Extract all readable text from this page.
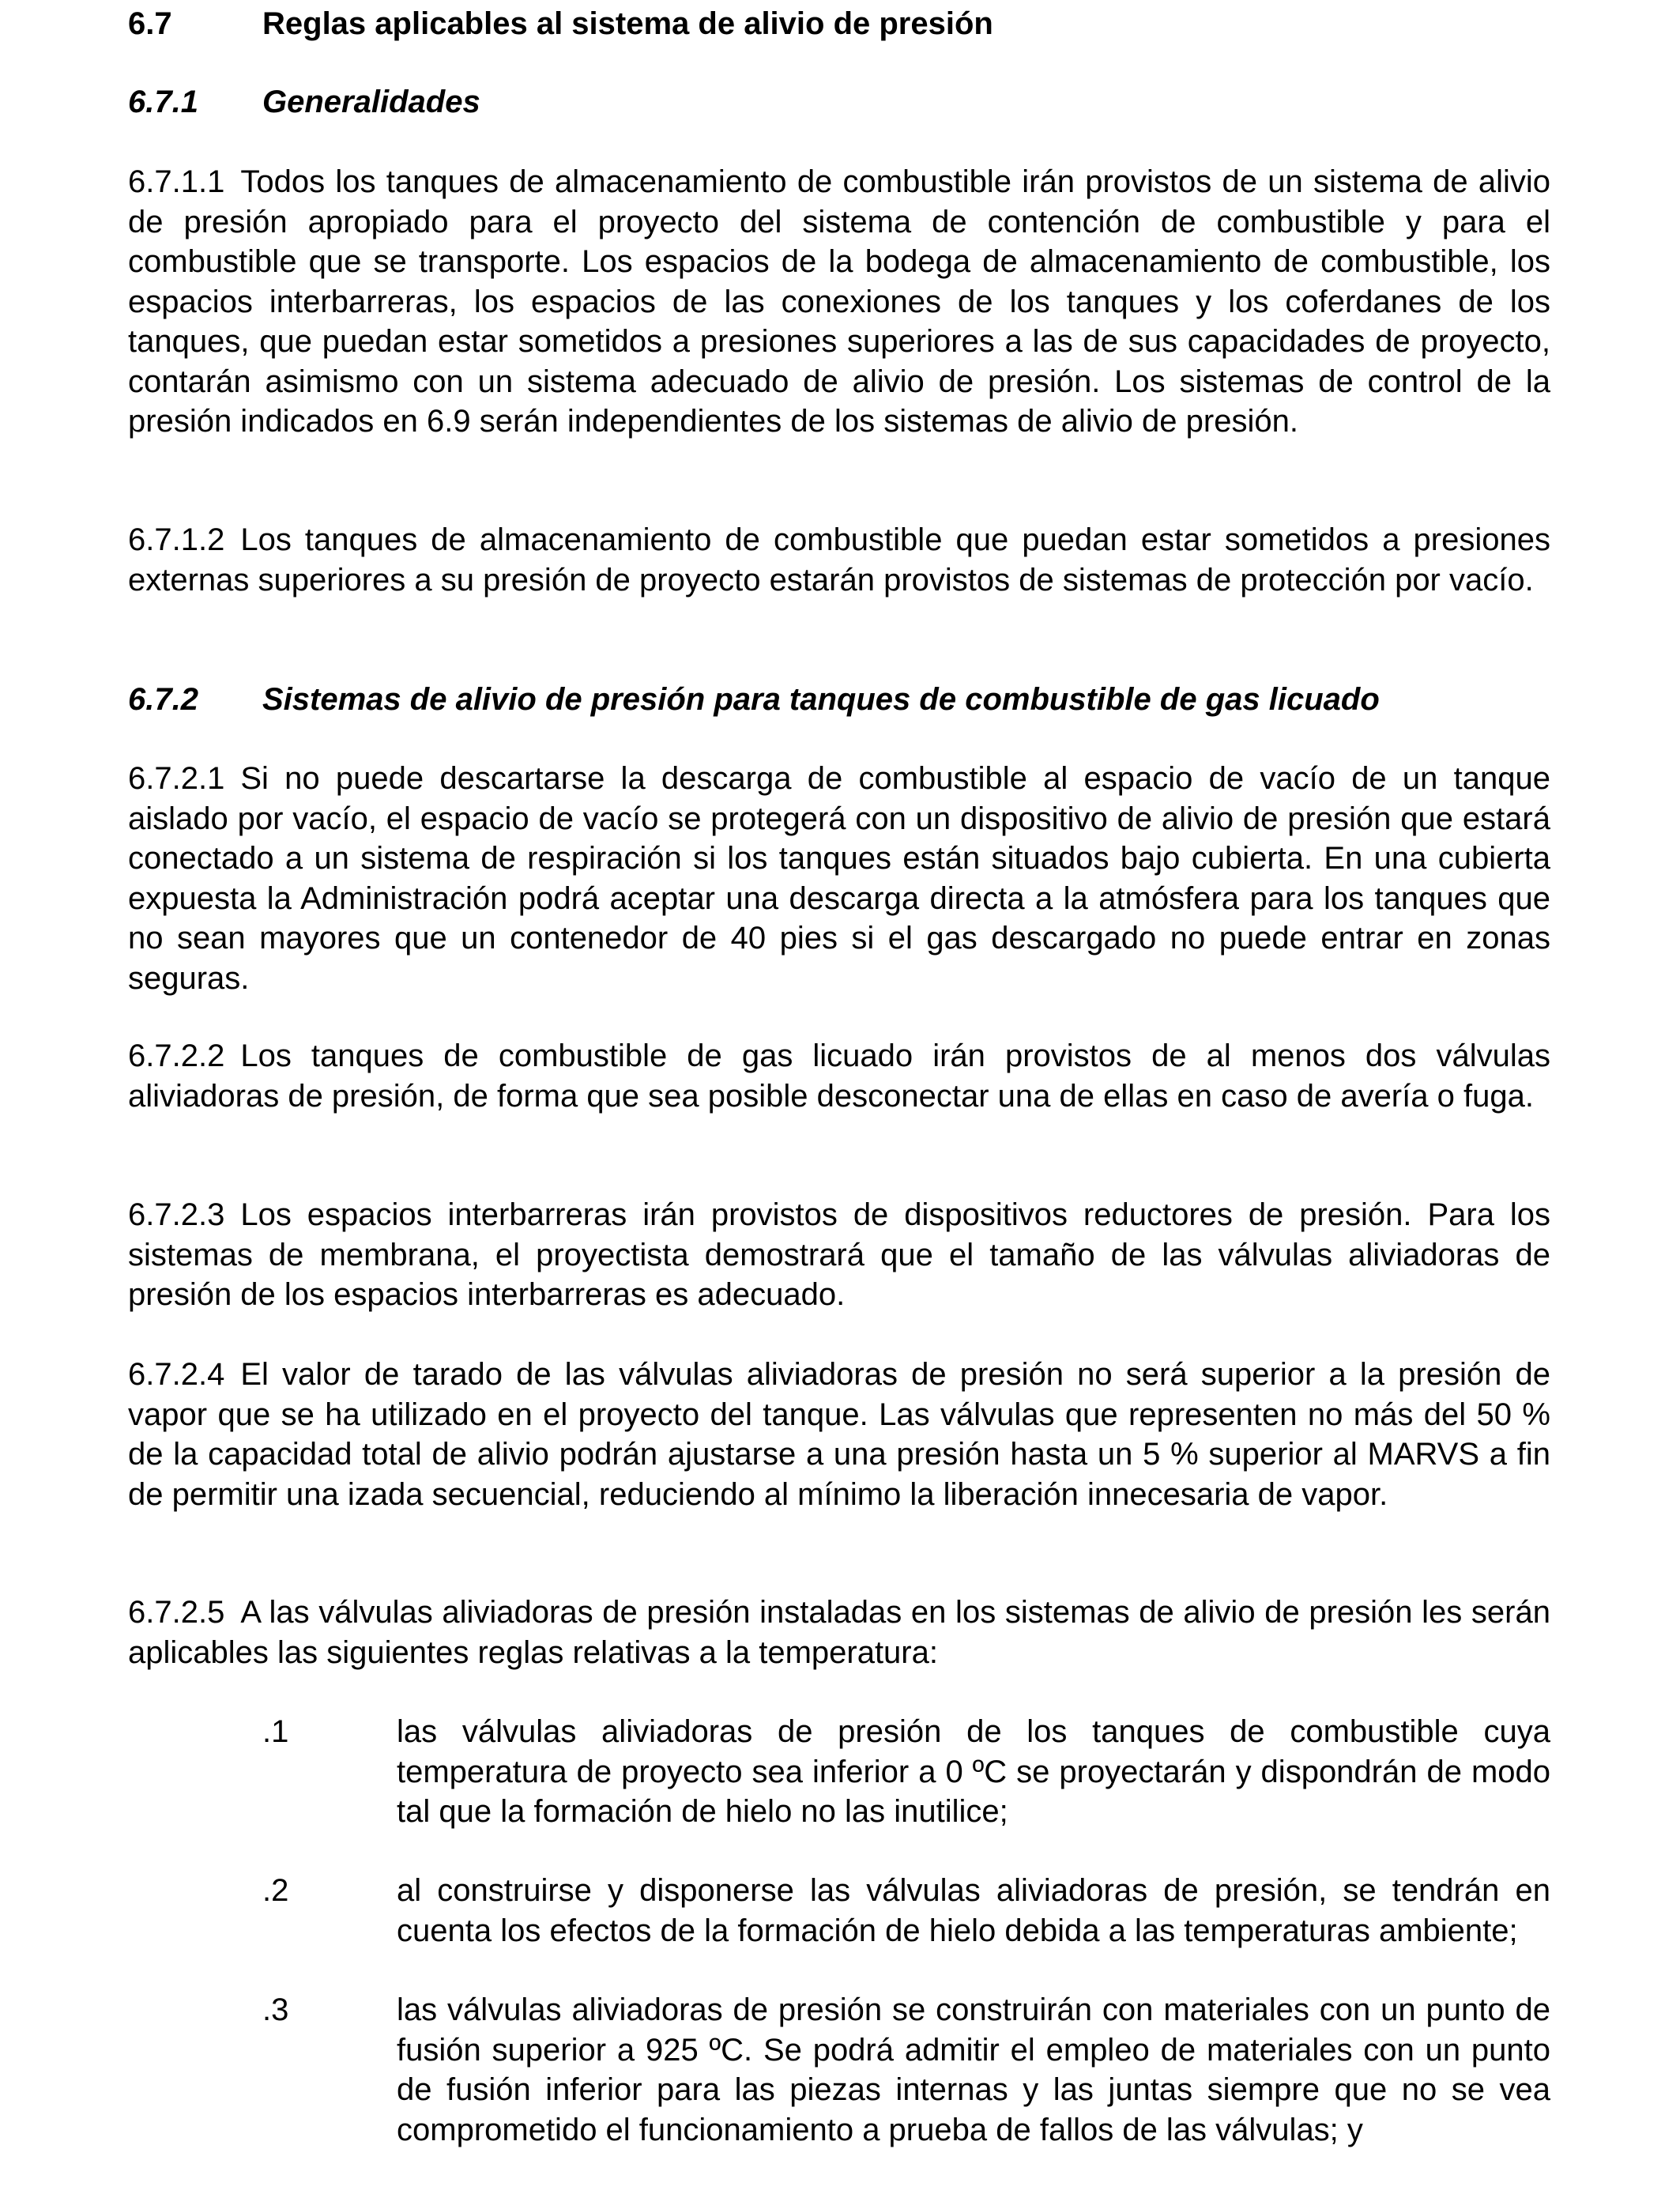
6.7	Reglas aplicables al sistema de alivio de presión
6.7.1 Generalidades
6.7.1.1 Todos los tanques de almacenamiento de combustible irán provistos de un sistema de alivio de presión apropiado para el proyecto del sistema de contención de combustible y para el combustible que se transporte. Los espacios de la bodega de almacenamiento de combustible, los espacios interbarreras, los espacios de las conexiones de los tanques y los coferdanes de los tanques, que puedan estar sometidos a presiones superiores a las de sus capacidades de proyecto, contarán asimismo con un sistema adecuado de alivio de presión. Los sistemas de control de la presión indicados en 6.9 serán independientes de los sistemas de alivio de presión.
6.7.1.2 Los tanques de almacenamiento de combustible que puedan estar sometidos a presiones externas superiores a su presión de proyecto estarán provistos de sistemas de protección por vacío.
6.7.2 Sistemas de alivio de presión para tanques de combustible de gas licuado
6.7.2.1 Si no puede descartarse la descarga de combustible al espacio de vacío de un tanque aislado por vacío, el espacio de vacío se protegerá con un dispositivo de alivio de presión que estará conectado a un sistema de respiración si los tanques están situados bajo cubierta. En una cubierta expuesta la Administración podrá aceptar una descarga directa a la atmósfera para los tanques que no sean mayores que un contenedor de 40 pies si el gas descargado no puede entrar en zonas seguras.
6.7.2.2 Los tanques de combustible de gas licuado irán provistos de al menos dos válvulas aliviadoras de presión, de forma que sea posible desconectar una de ellas en caso de avería o fuga.
6.7.2.3 Los espacios interbarreras irán provistos de dispositivos reductores de presión. Para los sistemas de membrana, el proyectista demostrará que el tamaño de las válvulas aliviadoras de presión de los espacios interbarreras es adecuado.
6.7.2.4 El valor de tarado de las válvulas aliviadoras de presión no será superior a la presión de vapor que se ha utilizado en el proyecto del tanque. Las válvulas que representen no más del 50 % de la capacidad total de alivio podrán ajustarse a una presión hasta un 5 % superior al MARVS a fin de permitir una izada secuencial, reduciendo al mínimo la liberación innecesaria de vapor.
6.7.2.5 A las válvulas aliviadoras de presión instaladas en los sistemas de alivio de presión les serán aplicables las siguientes reglas relativas a la temperatura:
.1	las válvulas aliviadoras de presión de los tanques de combustible cuya temperatura de proyecto sea inferior a 0 ºC se proyectarán y dispondrán de modo tal que la formación de hielo no las inutilice;
.2	al construirse y disponerse las válvulas aliviadoras de presión, se tendrán en cuenta los efectos de la formación de hielo debida a las temperaturas ambiente;
.3	las válvulas aliviadoras de presión se construirán con materiales con un punto de fusión superior a 925 ºC. Se podrá admitir el empleo de materiales con un punto de fusión inferior para las piezas internas y las juntas siempre que no se vea comprometido el funcionamiento a prueba de fallos de las válvulas; y
